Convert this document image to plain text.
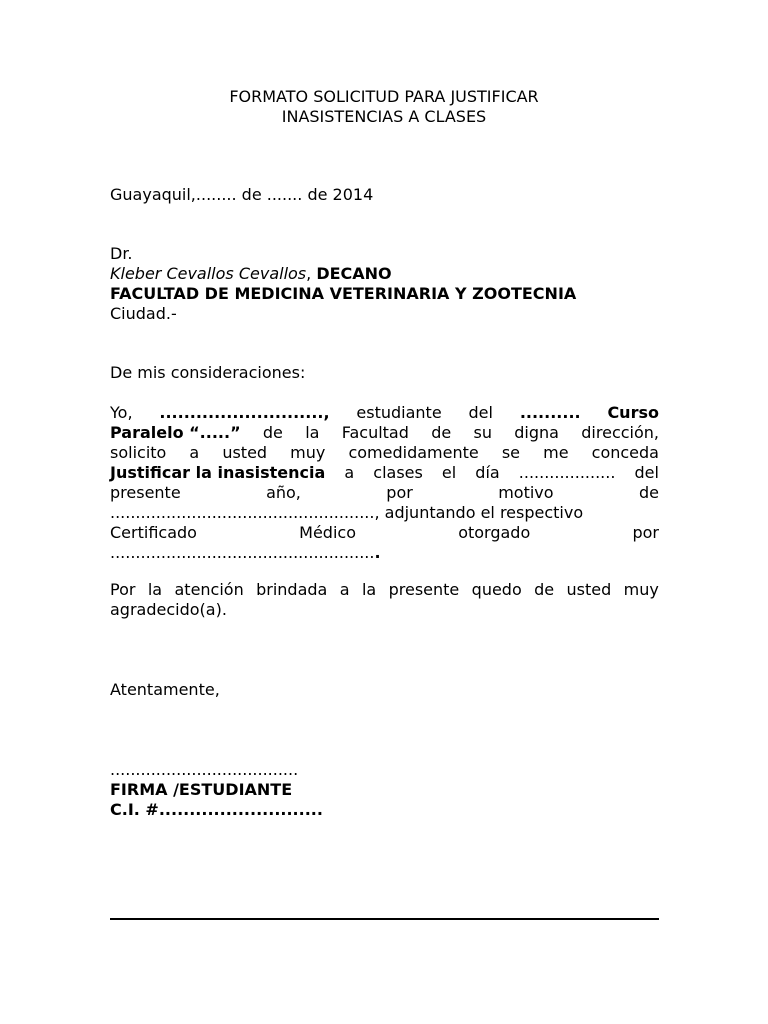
FORMATO SOLICITUD PARA JUSTIFICAR
INASISTENCIAS A CLASES
Guayaquil,........ de ....... de 2014
Dr.
Kleber Cevallos Cevallos, DECANO
FACULTAD DE MEDICINA VETERINARIA Y ZOOTECNIA
Ciudad.-
De mis consideraciones:
Yo, ..........................., estudiante del .......... Curso
Paralelo “.....” de la Facultad de su digna dirección,
solicito a usted muy comedidamente se me conceda
Justificar la inasistencia a clases el día ................... del
presente	año,	por	motivo	de
...................................................., adjuntando el respectivo
Certificado	Médico	otorgado	por
.....................................................
Por la atención brindada a la presente quedo de usted muy
agradecido(a).
Atentamente,
.....................................
FIRMA /ESTUDIANTE
C.I. #...........................
